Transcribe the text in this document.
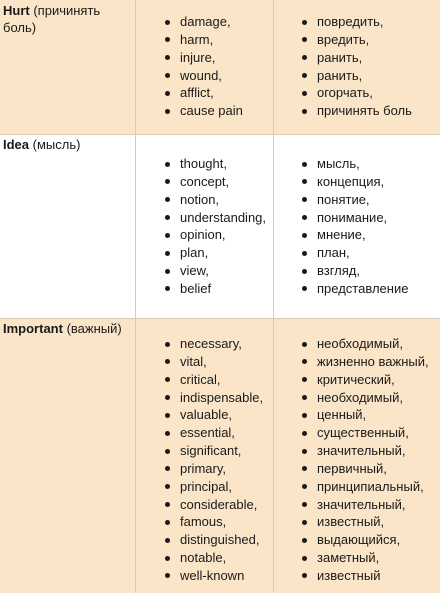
Hurt (причинять боль)	damage,
harm,
injure,
wound,
afflict,
cause pain
повредить,
вредить,
ранить,
ранить,
огорчать,
причинять боль
Idea (мысль)
thought,
concept,
notion,
understanding,
opinion,
plan,
view,
belief
мысль,
концепция,
понятие,
понимание,
мнение,
план,
взгляд,
представление
Important (важный)
necessary,
vital,
critical,
indispensable,
valuable,
essential,
significant,
primary,
principal,
considerable,
famous,
distinguished,
notable,
well-known
необходимый,
жизненно важный,
критический,
необходимый,
ценный,
существенный,
значительный,
первичный,
принципиальный,
значительный,
известный,
выдающийся,
заметный,
известный
